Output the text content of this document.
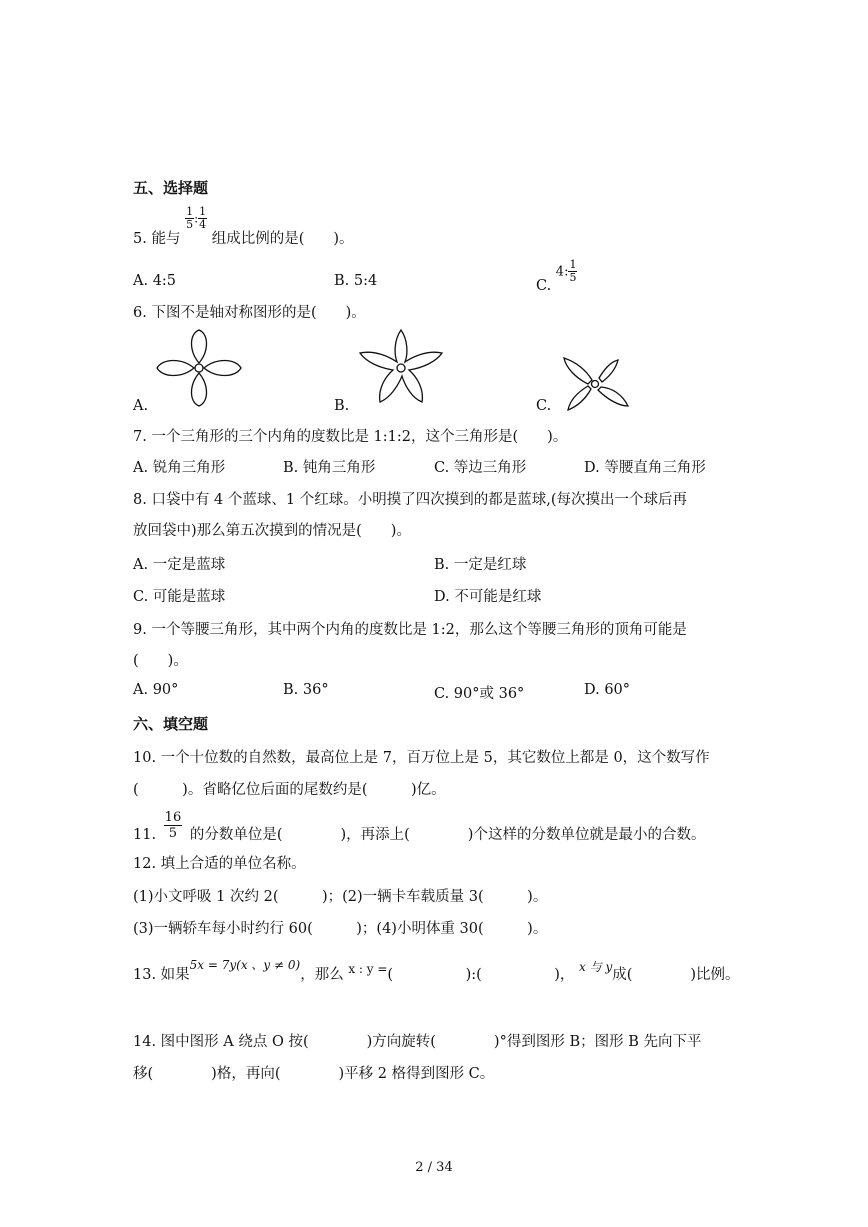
五、选择题
5. 能与
$\frac{1}{5}$ : $\frac{1}{4}$
组成比例的是(　　)。
A. 4:5	B. 5:4	C. 4: $\frac{1}{5}$
6. 下图不是轴对称图形的是(　　)。
A.	B.	C.
7. 一个三角形的三个内角的度数比是 1:1:2，这个三角形是(　　)。
A. 锐角三角形	B. 钝角三角形	C. 等边三角形	D. 等腰直角三角形
8. 口袋中有 4 个蓝球、1 个红球。小明摸了四次摸到的都是蓝球,(每次摸出一个球后再
放回袋中)那么第五次摸到的情况是(　　)。
A. 一定是蓝球	B. 一定是红球
C. 可能是蓝球	D. 不可能是红球
9. 一个等腰三角形，其中两个内角的度数比是 1:2，那么这个等腰三角形的顶角可能是
(　　)。
A. 90°	B. 36°	C. 90°或 36°	D. 60°
六、填空题
10. 一个十位数的自然数，最高位上是 7，百万位上是 5，其它数位上都是 0，这个数写作
(　　　)。省略亿位后面的尾数约是(　　　)亿。
11. $\frac{16}{5}$ 的分数单位是(　　　　)，再添上(　　　　)个这样的分数单位就是最小的合数。
12. 填上合适的单位名称。
(1)小文呼吸 1 次约 2(　　　)；(2)一辆卡车载质量 3(　　　)。
(3)一辆轿车每小时约行 60(　　　)；(4)小明体重 30(　　　)。
13. 如果5x = 7y(x 、y ≠ 0)，那么 x : y =(　　　　　):(　　　　　)， x 与 y成(　　　　)比例。
14. 图中图形 A 绕点 O 按(　　　　)方向旋转(　　　　)°得到图形 B；图形 B 先向下平
移(　　　　)格，再向(　　　　)平移 2 格得到图形 C。
2 / 34
